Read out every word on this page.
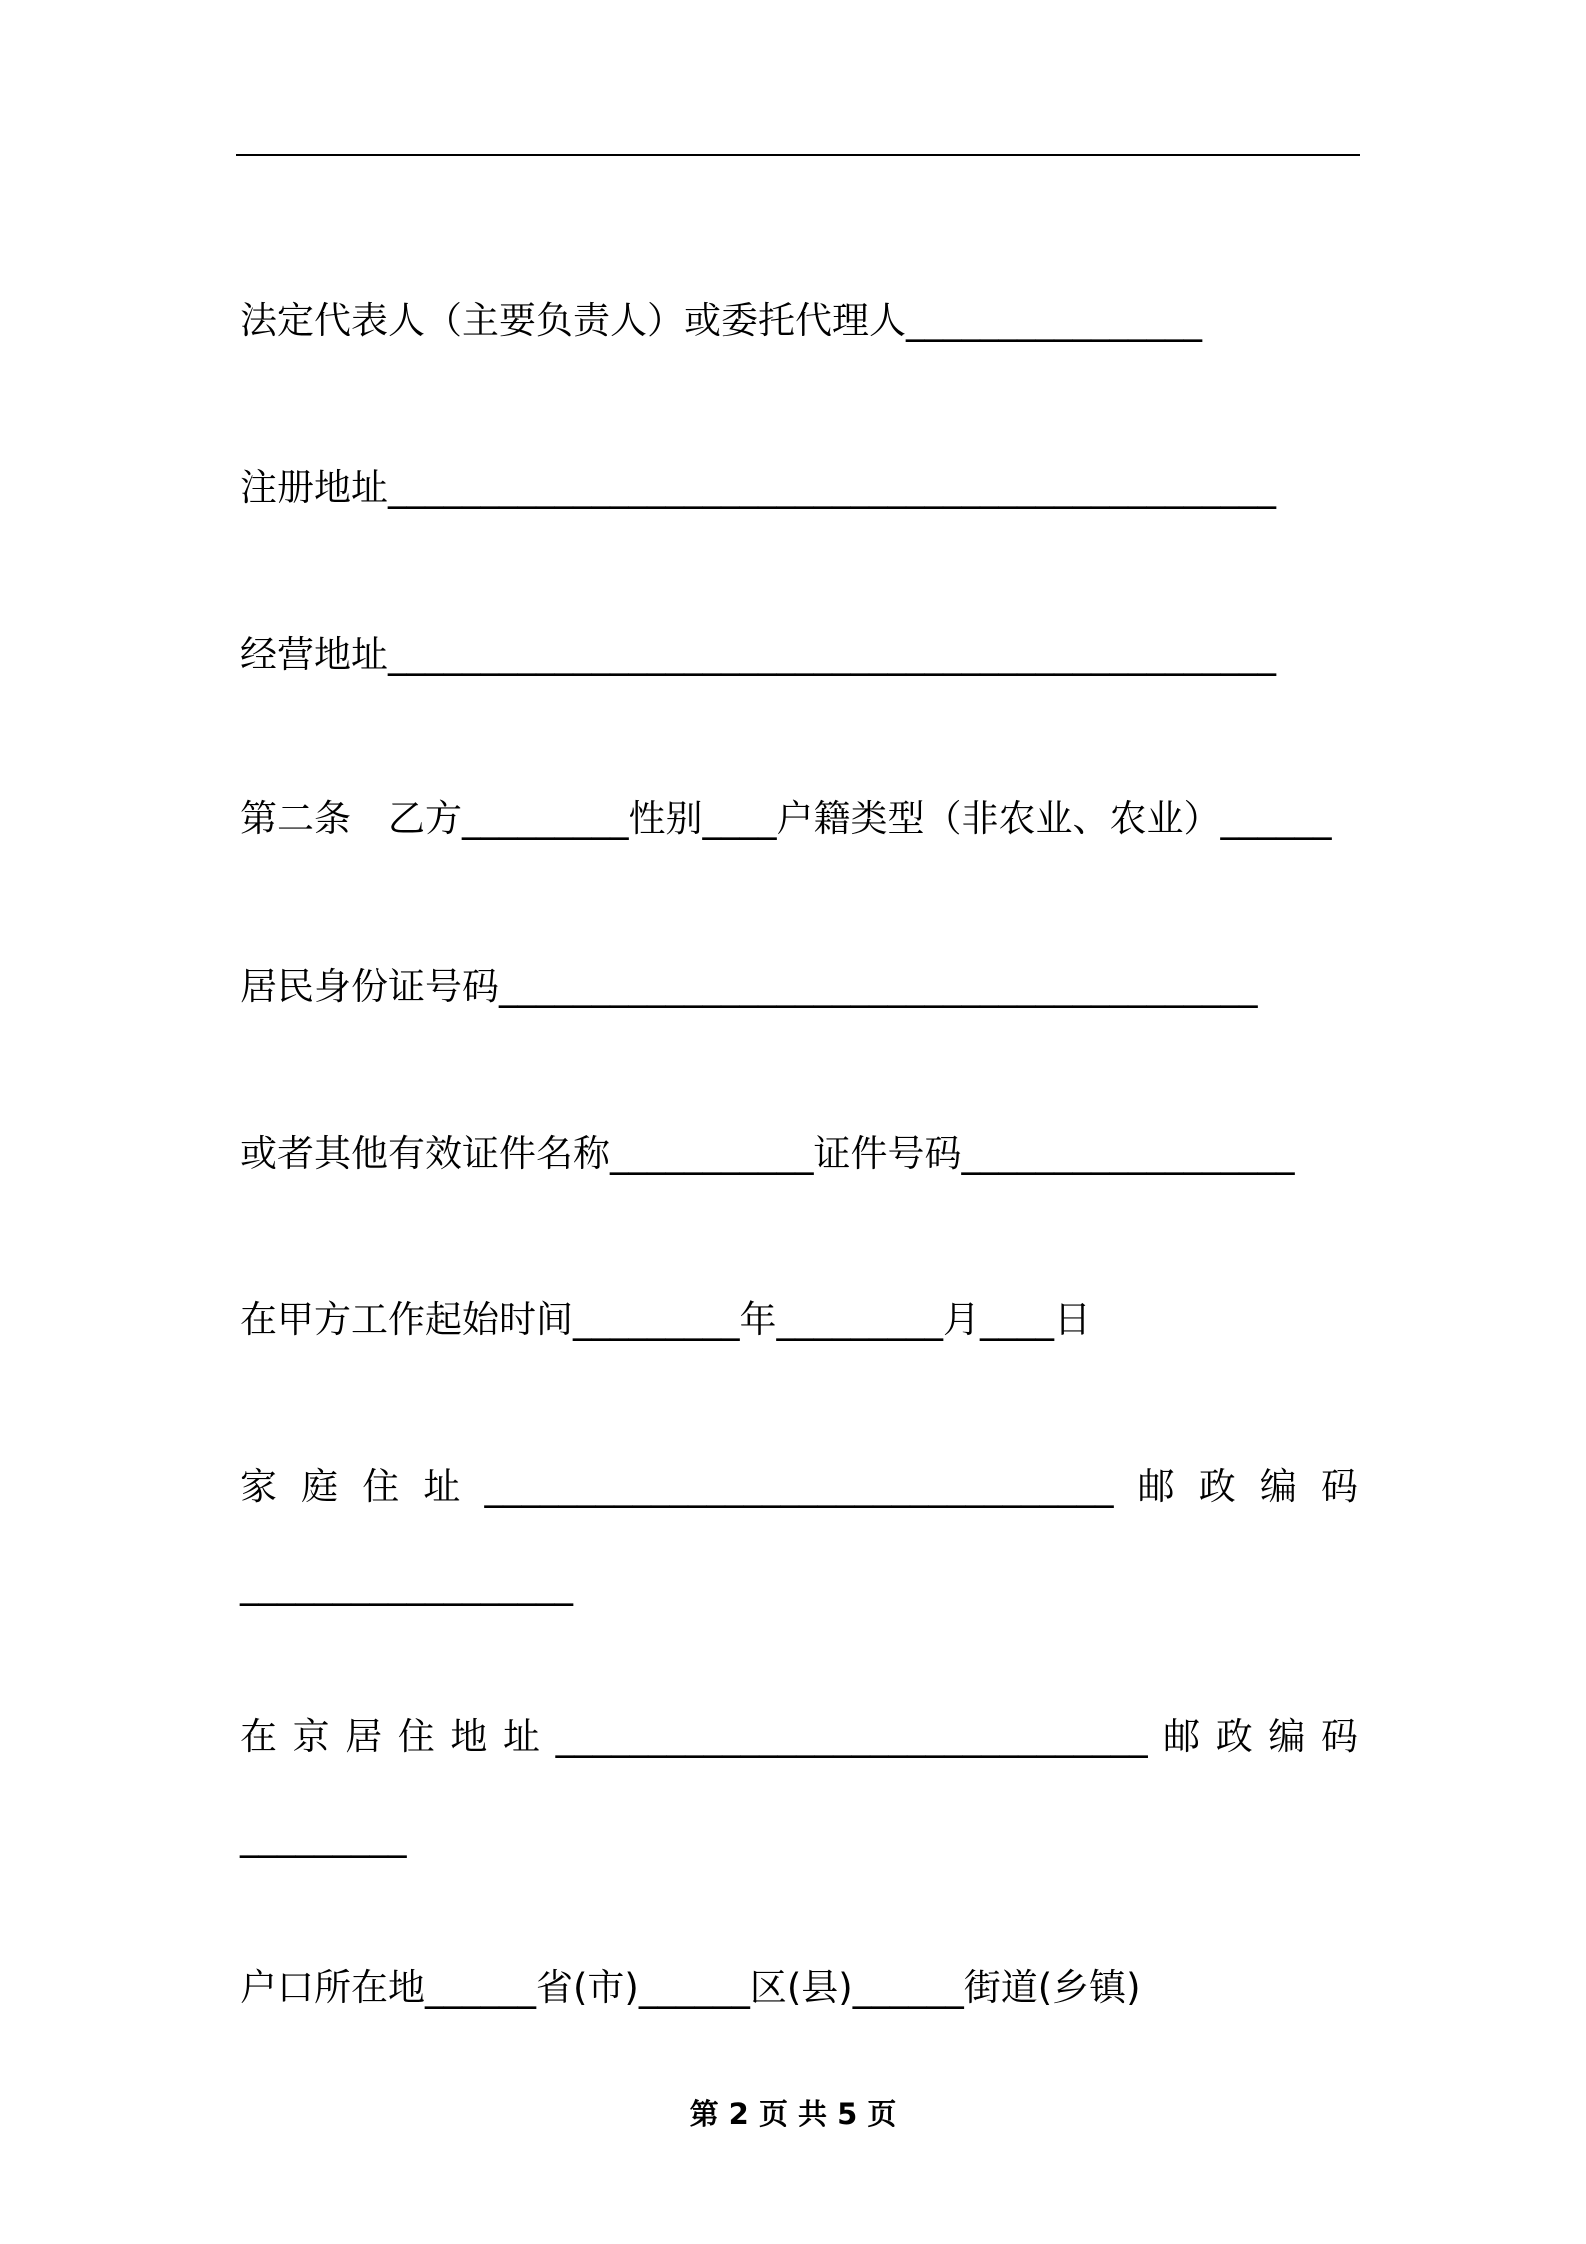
法定代表人（主要负责人）或委托代理人________________

注册地址________________________________________________

经营地址________________________________________________

第二条　乙方_________性别____户籍类型（非农业、农业）______

居民身份证号码_________________________________________

或者其他有效证件名称___________证件号码__________________

在甲方工作起始时间_________年_________月____日

家 庭 住 址 __________________________________ 邮 政 编 码

__________________

在 京 居 住 地 址 ________________________________ 邮 政 编 码

_________

户口所在地______省(市)______区(县)______街道(乡镇)

第 2 页 共 5 页
